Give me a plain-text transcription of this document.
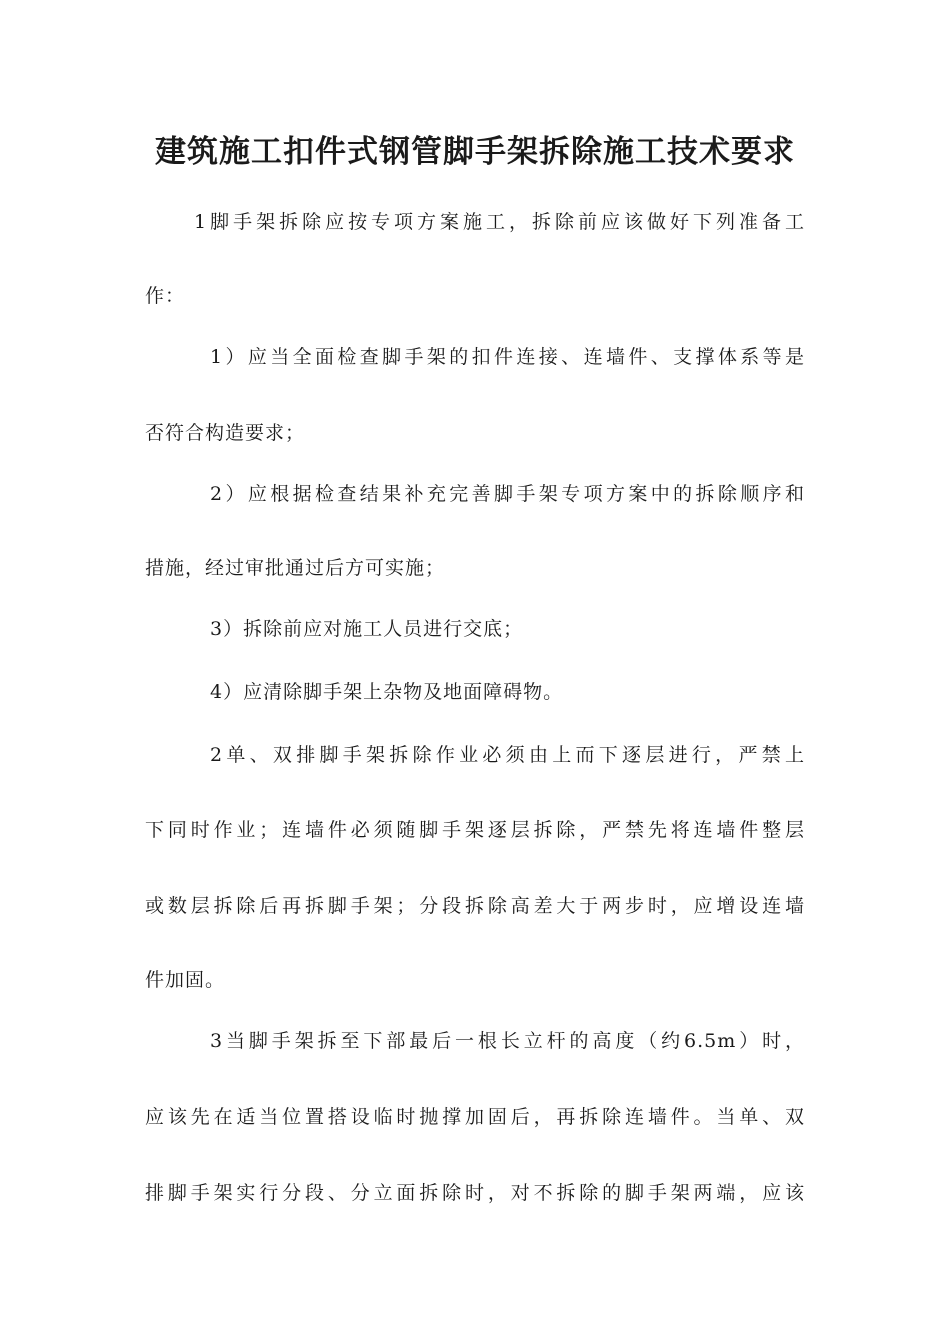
建筑施工扣件式钢管脚手架拆除施工技术要求
1脚手架拆除应按专项方案施工，拆除前应该做好下列准备工
作：
1）应当全面检查脚手架的扣件连接、连墙件、支撑体系等是
否符合构造要求；
2）应根据检查结果补充完善脚手架专项方案中的拆除顺序和
措施，经过审批通过后方可实施；
3）拆除前应对施工人员进行交底；
4）应清除脚手架上杂物及地面障碍物。
2单、双排脚手架拆除作业必须由上而下逐层进行，严禁上
下同时作业；连墙件必须随脚手架逐层拆除，严禁先将连墙件整层
或数层拆除后再拆脚手架；分段拆除高差大于两步时，应增设连墙
件加固。
3当脚手架拆至下部最后一根长立杆的高度（约6.5m）时，
应该先在适当位置搭设临时抛撑加固后，再拆除连墙件。当单、双
排脚手架实行分段、分立面拆除时，对不拆除的脚手架两端，应该
